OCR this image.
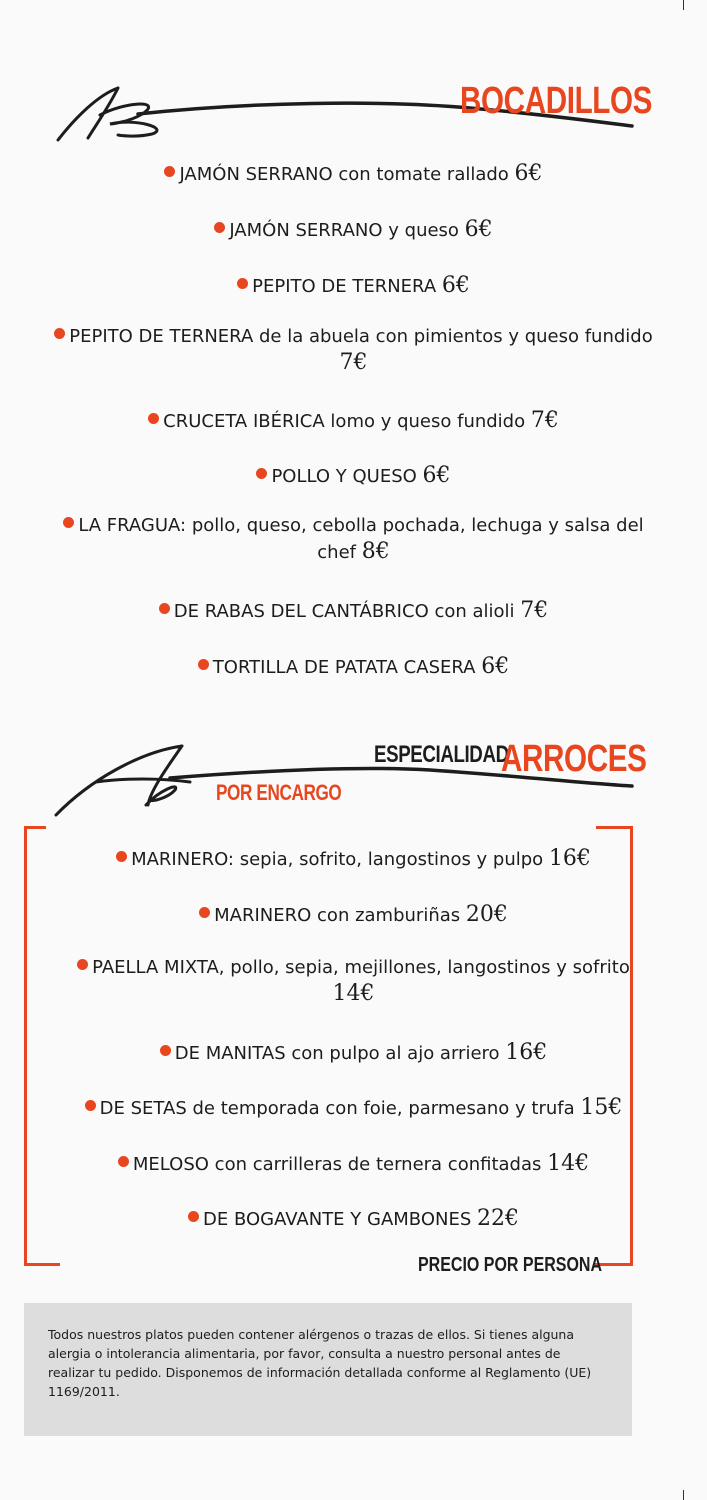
BOCADILLOS

JAMÓN SERRANO con tomate rallado 6€

JAMÓN SERRANO y queso 6€

PEPITO DE TERNERA 6€

PEPITO DE TERNERA de la abuela con pimientos y queso fundido 7€

CRUCETA IBÉRICA lomo y queso fundido 7€

POLLO Y QUESO 6€

LA FRAGUA: pollo, queso, cebolla pochada, lechuga y salsa del chef 8€

DE RABAS DEL CANTÁBRICO con alioli 7€

TORTILLA DE PATATA CASERA 6€

ESPECIALIDAD
ARROCES
POR ENCARGO

MARINERO: sepia, sofrito, langostinos y pulpo 16€

MARINERO con zamburiñas 20€

PAELLA MIXTA, pollo, sepia, mejillones, langostinos y sofrito 14€

DE MANITAS con pulpo al ajo arriero 16€

DE SETAS de temporada con foie, parmesano y trufa 15€

MELOSO con carrilleras de ternera confitadas 14€

DE BOGAVANTE Y GAMBONES 22€

PRECIO POR PERSONA
Todos nuestros platos pueden contener alérgenos o trazas de ellos. Si tienes alguna alergia o intolerancia alimentaria, por favor, consulta a nuestro personal antes de realizar tu pedido. Disponemos de información detallada conforme al Reglamento (UE) 1169/2011.
